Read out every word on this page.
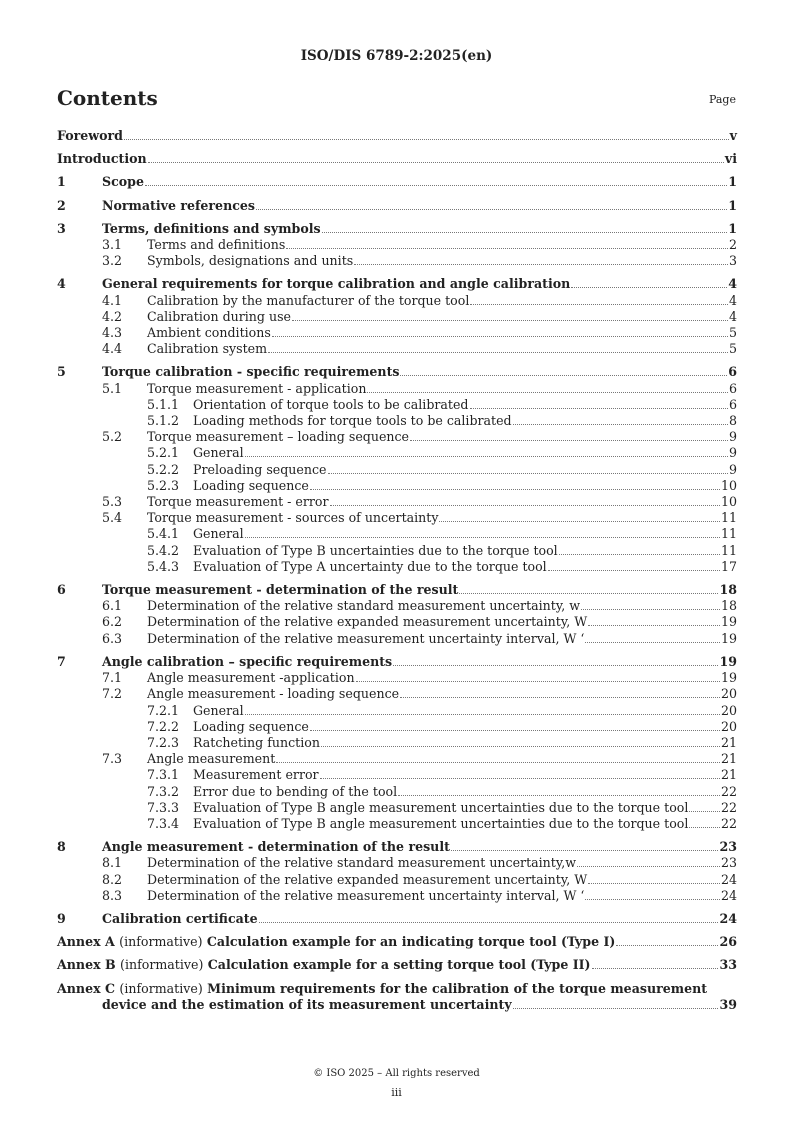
ISO/DIS 6789-2:2025(en)
Contents	Page
Foreword	v
Introduction	vi
1	Scope	1
2	Normative references	1
3	Terms, definitions and symbols	1
3.1	Terms and definitions	2
3.2	Symbols, designations and units	3
4	General requirements for torque calibration and angle calibration	4
4.1	Calibration by the manufacturer of the torque tool	4
4.2	Calibration during use	4
4.3	Ambient conditions	5
4.4	Calibration system	5
5	Torque calibration - specific requirements	6
5.1	Torque measurement - application	6
5.1.1	Orientation of torque tools to be calibrated	6
5.1.2	Loading methods for torque tools to be calibrated	8
5.2	Torque measurement – loading sequence	9
5.2.1	General	9
5.2.2	Preloading sequence	9
5.2.3	Loading sequence	10
5.3	Torque measurement - error	10
5.4	Torque measurement - sources of uncertainty	11
5.4.1	General	11
5.4.2	Evaluation of Type B uncertainties due to the torque tool	11
5.4.3	Evaluation of Type A uncertainty due to the torque tool	17
6	Torque measurement - determination of the result	18
6.1	Determination of the relative standard measurement uncertainty, w	18
6.2	Determination of the relative expanded measurement uncertainty, W	19
6.3	Determination of the relative measurement uncertainty interval, W ‘	19
7	Angle calibration – specific requirements	19
7.1	Angle measurement -application	19
7.2	Angle measurement - loading sequence	20
7.2.1	General	20
7.2.2	Loading sequence	20
7.2.3	Ratcheting function	21
7.3	Angle measurement	21
7.3.1	Measurement error	21
7.3.2	Error due to bending of the tool	22
7.3.3	Evaluation of Type B angle measurement uncertainties due to the torque tool	22
7.3.4	Evaluation of Type B angle measurement uncertainties due to the torque tool	22
8	Angle measurement - determination of the result	23
8.1	Determination of the relative standard measurement uncertainty,w	23
8.2	Determination of the relative expanded measurement uncertainty, W	24
8.3	Determination of the relative measurement uncertainty interval, W ‘	24
9	Calibration certificate	24
Annex A (informative) Calculation example for an indicating torque tool (Type I)	26
Annex B (informative) Calculation example for a setting torque tool (Type II)	33
Annex C (informative) Minimum requirements for the calibration of the torque measurement
device and the estimation of its measurement uncertainty	39
© ISO 2025 – All rights reserved
iii
